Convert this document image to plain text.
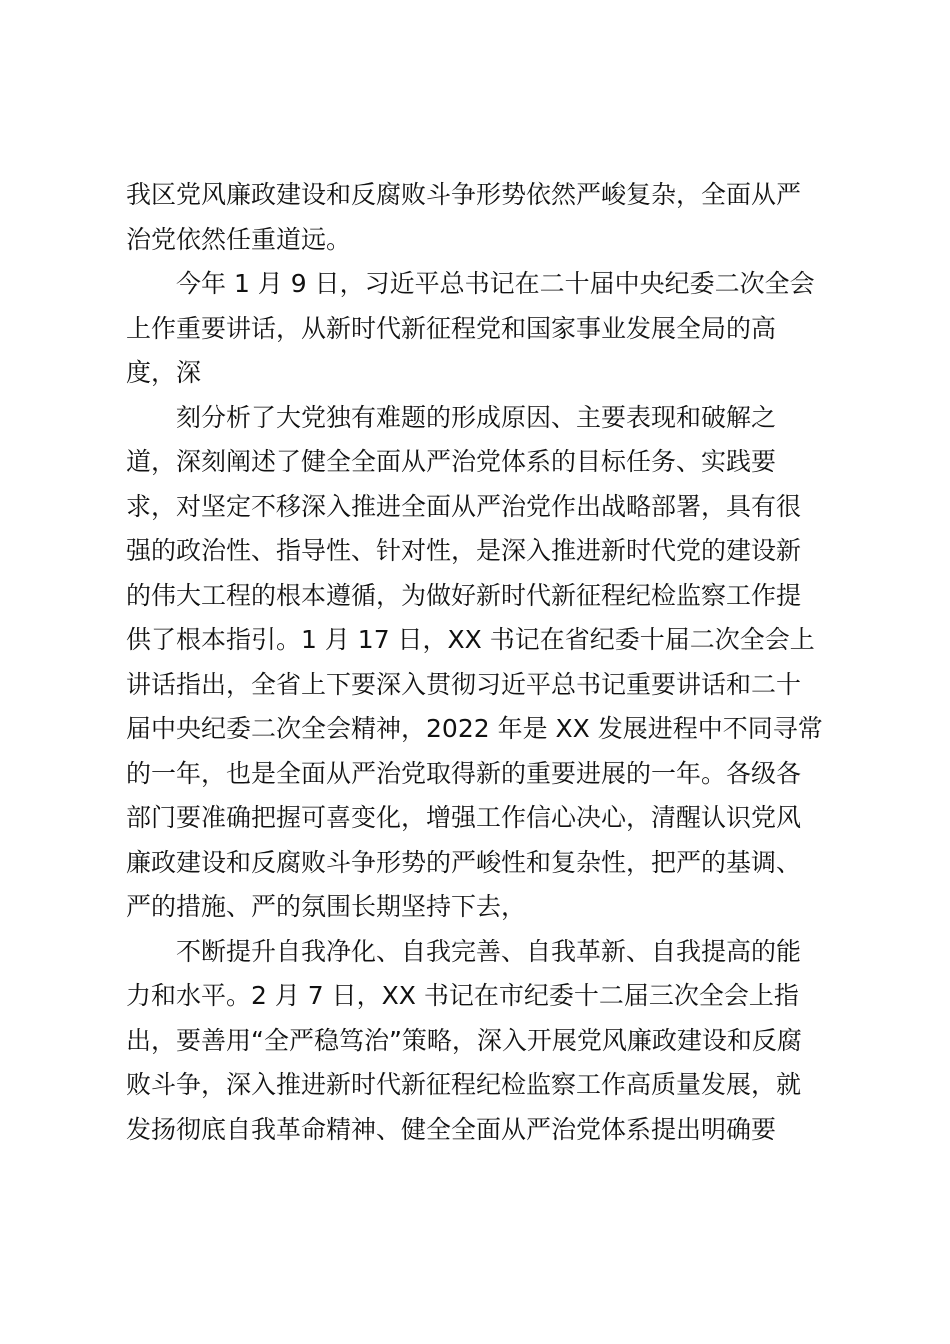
我区党风廉政建设和反腐败斗争形势依然严峻复杂，全面从严
治党依然任重道远。
今年 1 月 9 日，习近平总书记在二十届中央纪委二次全会
上作重要讲话，从新时代新征程党和国家事业发展全局的高
度，深
刻分析了大党独有难题的形成原因、主要表现和破解之
道，深刻阐述了健全全面从严治党体系的目标任务、实践要
求，对坚定不移深入推进全面从严治党作出战略部署，具有很
强的政治性、指导性、针对性，是深入推进新时代党的建设新
的伟大工程的根本遵循，为做好新时代新征程纪检监察工作提
供了根本指引。1 月 17 日，XX 书记在省纪委十届二次全会上
讲话指出，全省上下要深入贯彻习近平总书记重要讲话和二十
届中央纪委二次全会精神，2022 年是 XX 发展进程中不同寻常
的一年，也是全面从严治党取得新的重要进展的一年。各级各
部门要准确把握可喜变化，增强工作信心决心，清醒认识党风
廉政建设和反腐败斗争形势的严峻性和复杂性，把严的基调、
严的措施、严的氛围长期坚持下去，
不断提升自我净化、自我完善、自我革新、自我提高的能
力和水平。2 月 7 日，XX 书记在市纪委十二届三次全会上指
出，要善用“全严稳笃治”策略，深入开展党风廉政建设和反腐
败斗争，深入推进新时代新征程纪检监察工作高质量发展，就
发扬彻底自我革命精神、健全全面从严治党体系提出明确要
